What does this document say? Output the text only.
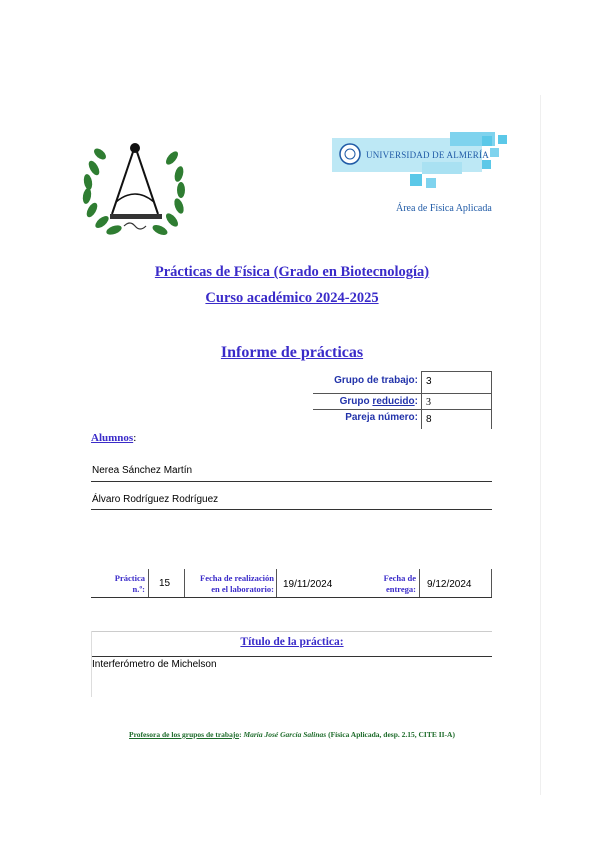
UNIVERSIDAD DE ALMERÍA
Área de Física Aplicada
Prácticas de Física (Grado en Biotecnología)
Curso académico 2024-2025
Informe de prácticas
Grupo de trabajo: 3
Grupo reducido: 3
Pareja número: 8
Alumnos:
Nerea Sánchez Martín
Álvaro Rodríguez Rodríguez
Práctica
n.º: 15	Fecha de realización
en el laboratorio: 19/11/2024
Fecha de
entrega: 9/12/2024
Título de la práctica:
Interferómetro de Michelson
Profesora de los grupos de trabajo: María José García Salinas (Física Aplicada, desp. 2.15, CITE II-A)
